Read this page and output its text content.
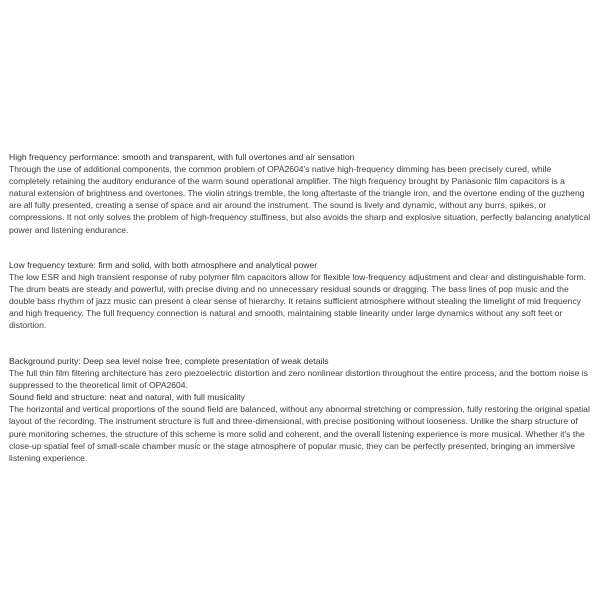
High frequency performance: smooth and transparent, with full overtones and air sensation

Through the use of additional components, the common problem of OPA2604's native high-frequency dimming has been precisely cured, while completely retaining the auditory endurance of the warm sound operational amplifier. The high frequency brought by Panasonic film capacitors is a natural extension of brightness and overtones. The violin strings tremble, the long aftertaste of the triangle iron, and the overtone ending of the guzheng are all fully presented, creating a sense of space and air around the instrument. The sound is lively and dynamic, without any burrs, spikes, or compressions. It not only solves the problem of high-frequency stuffiness, but also avoids the sharp and explosive situation, perfectly balancing analytical power and listening endurance.

Low frequency texture: firm and solid, with both atmosphere and analytical power

The low ESR and high transient response of ruby polymer film capacitors allow for flexible low-frequency adjustment and clear and distinguishable form. The drum beats are steady and powerful, with precise diving and no unnecessary residual sounds or dragging. The bass lines of pop music and the double bass rhythm of jazz music can present a clear sense of hierarchy. It retains sufficient atmosphere without stealing the limelight of mid frequency and high frequency. The full frequency connection is natural and smooth, maintaining stable linearity under large dynamics without any soft feet or distortion.

Background purity: Deep sea level noise free, complete presentation of weak details

The full thin film filtering architecture has zero piezoelectric distortion and zero nonlinear distortion throughout the entire process, and the bottom noise is suppressed to the theoretical limit of OPA2604.

Sound field and structure: neat and natural, with full musicality

The horizontal and vertical proportions of the sound field are balanced, without any abnormal stretching or compression, fully restoring the original spatial layout of the recording. The instrument structure is full and three-dimensional, with precise positioning without looseness. Unlike the sharp structure of pure monitoring schemes, the structure of this scheme is more solid and coherent, and the overall listening experience is more musical. Whether it's the close-up spatial feel of small-scale chamber music or the stage atmosphere of popular music, they can be perfectly presented, bringing an immersive listening experience.
